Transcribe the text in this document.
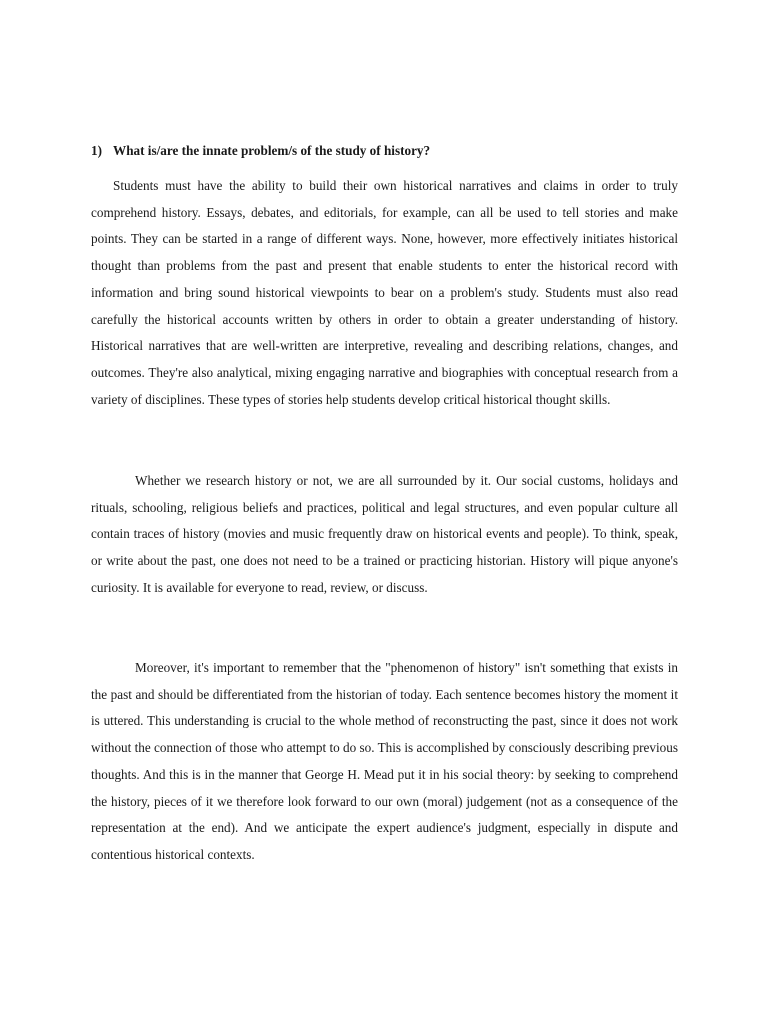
1) What is/are the innate problem/s of the study of history?

Students must have the ability to build their own historical narratives and claims in order to truly comprehend history. Essays, debates, and editorials, for example, can all be used to tell stories and make points. They can be started in a range of different ways. None, however, more effectively initiates historical thought than problems from the past and present that enable students to enter the historical record with information and bring sound historical viewpoints to bear on a problem's study. Students must also read carefully the historical accounts written by others in order to obtain a greater understanding of history. Historical narratives that are well-written are interpretive, revealing and describing relations, changes, and outcomes. They're also analytical, mixing engaging narrative and biographies with conceptual research from a variety of disciplines. These types of stories help students develop critical historical thought skills.

Whether we research history or not, we are all surrounded by it. Our social customs, holidays and rituals, schooling, religious beliefs and practices, political and legal structures, and even popular culture all contain traces of history (movies and music frequently draw on historical events and people). To think, speak, or write about the past, one does not need to be a trained or practicing historian. History will pique anyone's curiosity. It is available for everyone to read, review, or discuss.

Moreover, it's important to remember that the "phenomenon of history" isn't something that exists in the past and should be differentiated from the historian of today. Each sentence becomes history the moment it is uttered. This understanding is crucial to the whole method of reconstructing the past, since it does not work without the connection of those who attempt to do so. This is accomplished by consciously describing previous thoughts. And this is in the manner that George H. Mead put it in his social theory: by seeking to comprehend the history, pieces of it we therefore look forward to our own (moral) judgement (not as a consequence of the representation at the end). And we anticipate the expert audience's judgment, especially in dispute and contentious historical contexts.
